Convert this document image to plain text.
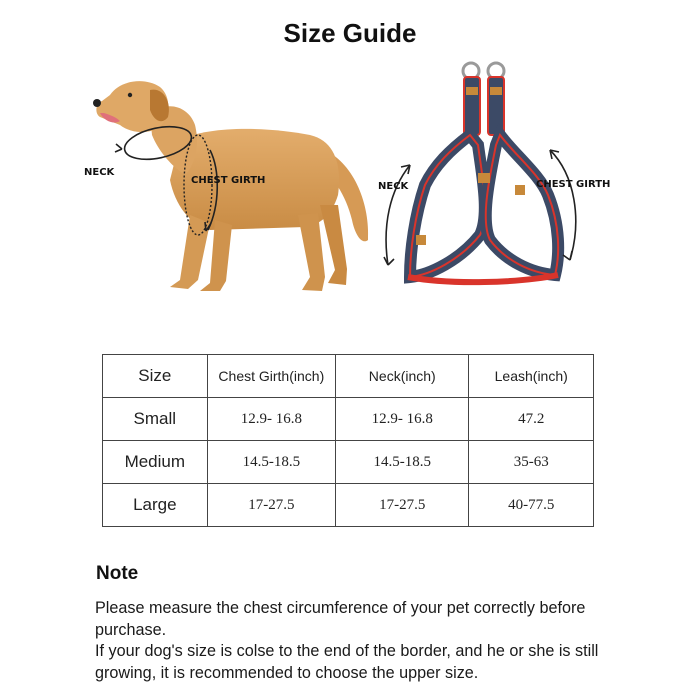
Size Guide
NECK
CHEST GIRTH
NECK	CHEST GIRTH
Size	Chest Girth(inch)	Neck(inch)	Leash(inch)
Small	12.9- 16.8	12.9- 16.8	47.2
Medium	14.5-18.5	14.5-18.5	35-63
Large	17-27.5	17-27.5	40-77.5
Note

Please measure the chest circumference of your pet correctly before purchase.

If your dog's size is colse to the end of the border, and he or she is still growing, it is recommended to choose the upper size.
